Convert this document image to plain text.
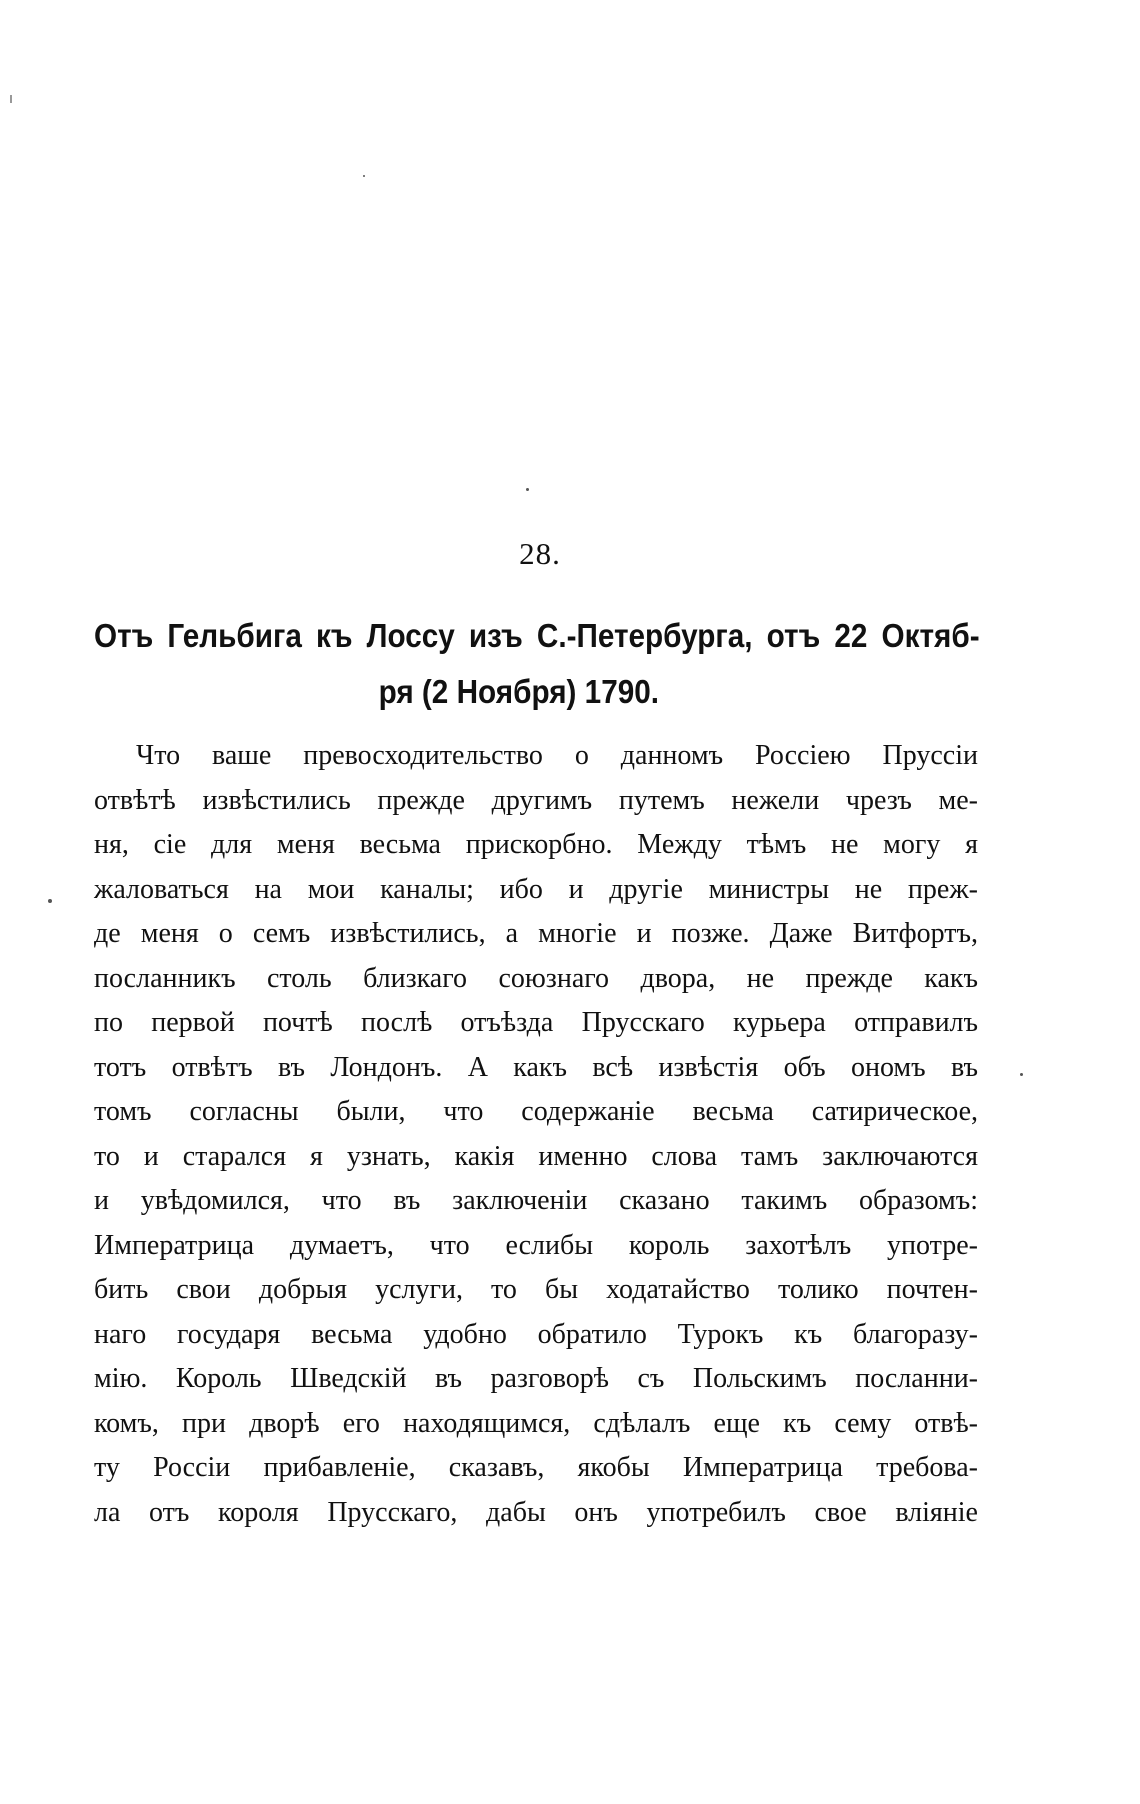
28.
Отъ Гельбига къ Лоссу изъ С.-Петербурга, отъ 22 Октяб-
ря (2 Ноября) 1790.
Что ваше превосходительство о данномъ Россiею Пруссiи
отвѣтѣ извѣстились прежде другимъ путемъ нежели чрезъ ме-
ня, сiе для меня весьма прискорбно. Между тѣмъ не могу я
жаловаться на мои каналы; ибо и другiе министры не преж-
де меня о семъ извѣстились, а многiе и позже. Даже Витфортъ,
посланникъ столь близкаго союзнаго двора, не прежде какъ
по первой почтѣ послѣ отъѣзда Прусскаго курьера отправилъ
тотъ отвѣтъ въ Лондонъ. А какъ всѣ извѣстiя объ ономъ въ
томъ согласны были, что содержанiе весьма сатирическое,
то и старался я узнать, какiя именно слова тамъ заключаются
и увѣдомился, что въ заключенiи сказано такимъ образомъ:
Императрица думаетъ, что еслибы король захотѣлъ употре-
бить свои добрыя услуги, то бы ходатайство толико почтен-
наго государя весьма удобно обратило Турокъ къ благоразу-
мiю. Король Шведскiй въ разговорѣ съ Польскимъ посланни-
комъ, при дворѣ его находящимся, сдѣлалъ еще къ сему отвѣ-
ту Россiи прибавленiе, сказавъ, якобы Императрица требова-
ла отъ короля Прусскаго, дабы онъ употребилъ свое влiянiе
